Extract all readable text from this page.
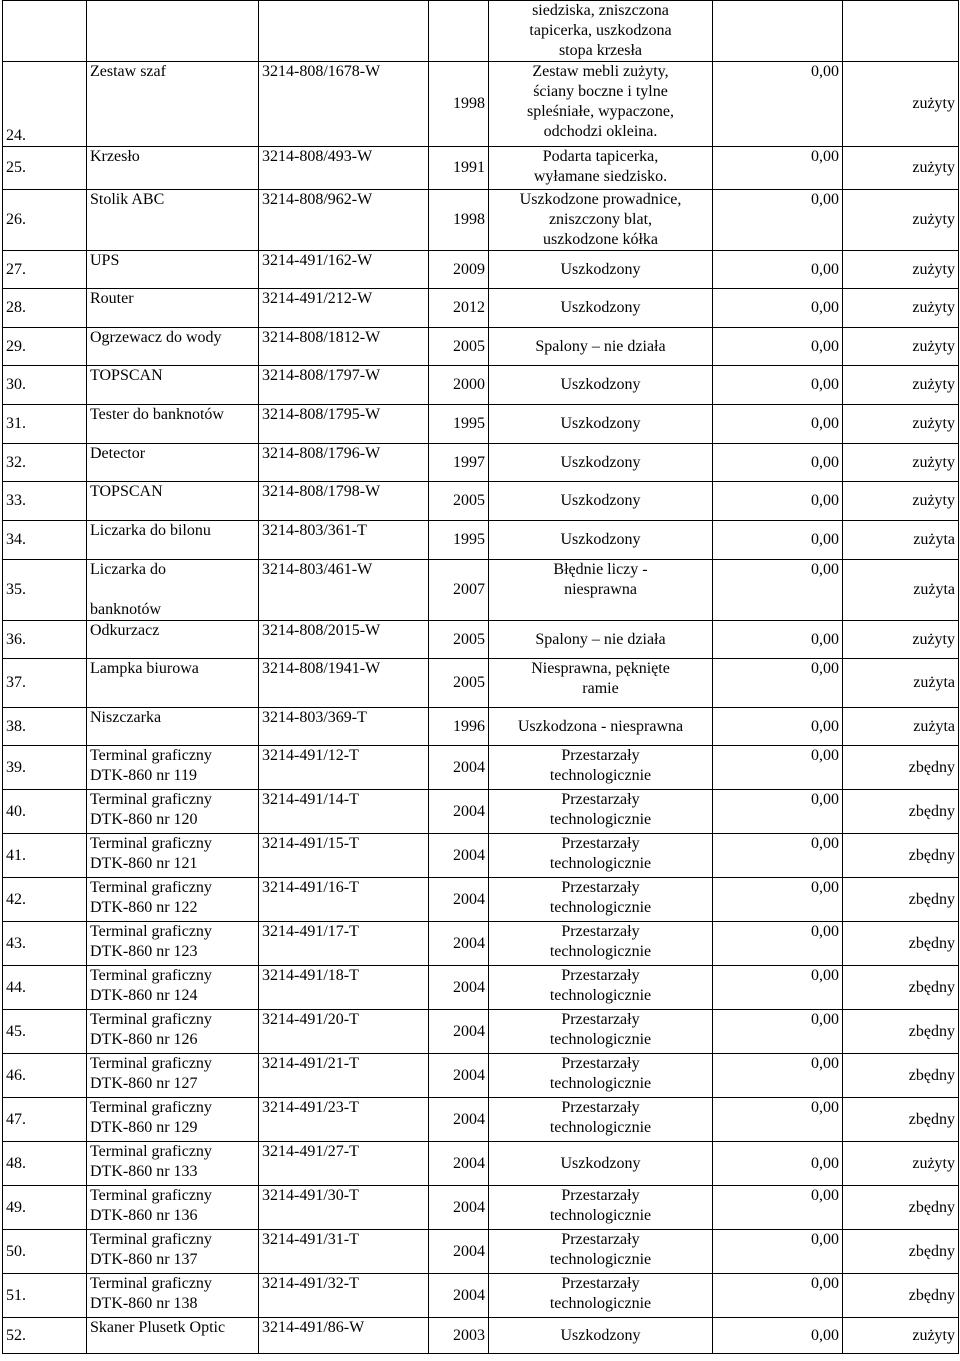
				siedziska, zniszczona
tapicerka, uszkodzona
stopa krzesła		

24.	Zestaw szaf	3214-808/1678-W	1998	Zestaw mebli zużyty,
ściany boczne i tylne
spleśniałe, wypaczone,
odchodzi okleina.	0,00	zużyty

25.	Krzesło	3214-808/493-W	1991	Podarta tapicerka,
wyłamane siedzisko.	0,00	zużyty

26.	Stolik ABC	3214-808/962-W	1998	Uszkodzone prowadnice,
zniszczony blat,
uszkodzone kółka	0,00	zużyty

27.	UPS	3214-491/162-W	2009	Uszkodzony	0,00	zużyty

28.	Router	3214-491/212-W	2012	Uszkodzony	0,00	zużyty

29.	Ogrzewacz do wody	3214-808/1812-W	2005	Spalony – nie działa	0,00	zużyty

30.	TOPSCAN	3214-808/1797-W	2000	Uszkodzony	0,00	zużyty

31.	Tester do banknotów	3214-808/1795-W	1995	Uszkodzony	0,00	zużyty

32.	Detector	3214-808/1796-W	1997	Uszkodzony	0,00	zużyty

33.	TOPSCAN	3214-808/1798-W	2005	Uszkodzony	0,00	zużyty

34.	Liczarka do bilonu	3214-803/361-T	1995	Uszkodzony	0,00	zużyta

35.	Liczarka do

banknotów	3214-803/461-W	2007	Błędnie liczy -
niesprawna	0,00	zużyta

36.	Odkurzacz	3214-808/2015-W	2005	Spalony – nie działa	0,00	zużyty

37.	Lampka biurowa	3214-808/1941-W	2005	Niesprawna, pęknięte
ramie	0,00	zużyta

38.	Niszczarka	3214-803/369-T	1996	Uszkodzona - niesprawna	0,00	zużyta

39.	Terminal graficzny
DTK-860 nr 119	3214-491/12-T	2004	Przestarzały
technologicznie	0,00	zbędny

40.	Terminal graficzny
DTK-860 nr 120	3214-491/14-T	2004	Przestarzały
technologicznie	0,00	zbędny

41.	Terminal graficzny
DTK-860 nr 121	3214-491/15-T	2004	Przestarzały
technologicznie	0,00	zbędny

42.	Terminal graficzny
DTK-860 nr 122	3214-491/16-T	2004	Przestarzały
technologicznie	0,00	zbędny

43.	Terminal graficzny
DTK-860 nr 123	3214-491/17-T	2004	Przestarzały
technologicznie	0,00	zbędny

44.	Terminal graficzny
DTK-860 nr 124	3214-491/18-T	2004	Przestarzały
technologicznie	0,00	zbędny

45.	Terminal graficzny
DTK-860 nr 126	3214-491/20-T	2004	Przestarzały
technologicznie	0,00	zbędny

46.	Terminal graficzny
DTK-860 nr 127	3214-491/21-T	2004	Przestarzały
technologicznie	0,00	zbędny

47.	Terminal graficzny
DTK-860 nr 129	3214-491/23-T	2004	Przestarzały
technologicznie	0,00	zbędny

48.	Terminal graficzny
DTK-860 nr 133	3214-491/27-T	2004	Uszkodzony	0,00	zużyty

49.	Terminal graficzny
DTK-860 nr 136	3214-491/30-T	2004	Przestarzały
technologicznie	0,00	zbędny

50.	Terminal graficzny
DTK-860 nr 137	3214-491/31-T	2004	Przestarzały
technologicznie	0,00	zbędny

51.	Terminal graficzny
DTK-860 nr 138	3214-491/32-T	2004	Przestarzały
technologicznie	0,00	zbędny

52.	Skaner Plusetk Optic	3214-491/86-W	2003	Uszkodzony	0,00	zużyty
